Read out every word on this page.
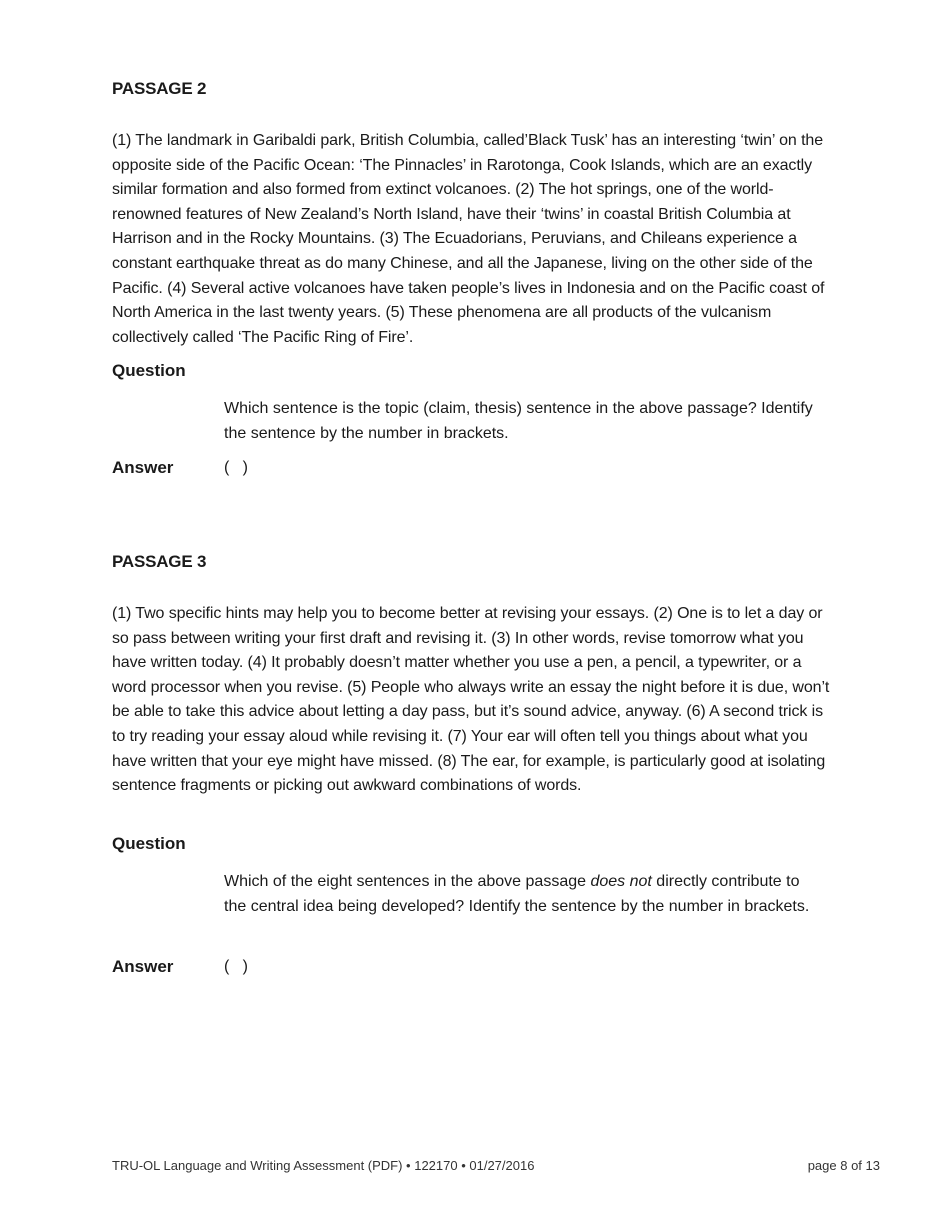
PASSAGE 2

(1) The landmark in Garibaldi park, British Columbia, called’Black Tusk’ has an interesting ‘twin’ on the opposite side of the Pacific Ocean: ‘The Pinnacles’ in Rarotonga, Cook Islands, which are an exactly similar formation and also formed from extinct volcanoes. (2) The hot springs, one of the world-renowned features of New Zealand’s North Island, have their ‘twins’ in coastal British Columbia at Harrison and in the Rocky Mountains. (3) The Ecuadorians, Peruvians, and Chileans experience a constant earthquake threat as do many Chinese, and all the Japanese, living on the other side of the Pacific. (4) Several active volcanoes have taken people’s lives in Indonesia and on the Pacific coast of North America in the last twenty years. (5) These phenomena are all products of the vulcanism collectively called ‘The Pacific Ring of Fire’.

Question

Which sentence is the topic (claim, thesis) sentence in the above passage? Identify the sentence by the number in brackets.

Answer	(   )
PASSAGE 3

(1) Two specific hints may help you to become better at revising your essays. (2) One is to let a day or so pass between writing your first draft and revising it. (3) In other words, revise tomorrow what you have written today. (4) It probably doesn’t matter whether you use a pen, a pencil, a typewriter, or a word processor when you revise. (5) People who always write an essay the night before it is due, won’t be able to take this advice about letting a day pass, but it’s sound advice, anyway. (6) A second trick is to try reading your essay aloud while revising it. (7) Your ear will often tell you things about what you have written that your eye might have missed. (8) The ear, for example, is particularly good at isolating sentence fragments or picking out awkward combinations of words.

Question

Which of the eight sentences in the above passage does not directly contribute to the central idea being developed? Identify the sentence by the number in brackets.

Answer	(   )
TRU-OL Language and Writing Assessment (PDF) • 122170 • 01/27/2016	page 8 of 13
